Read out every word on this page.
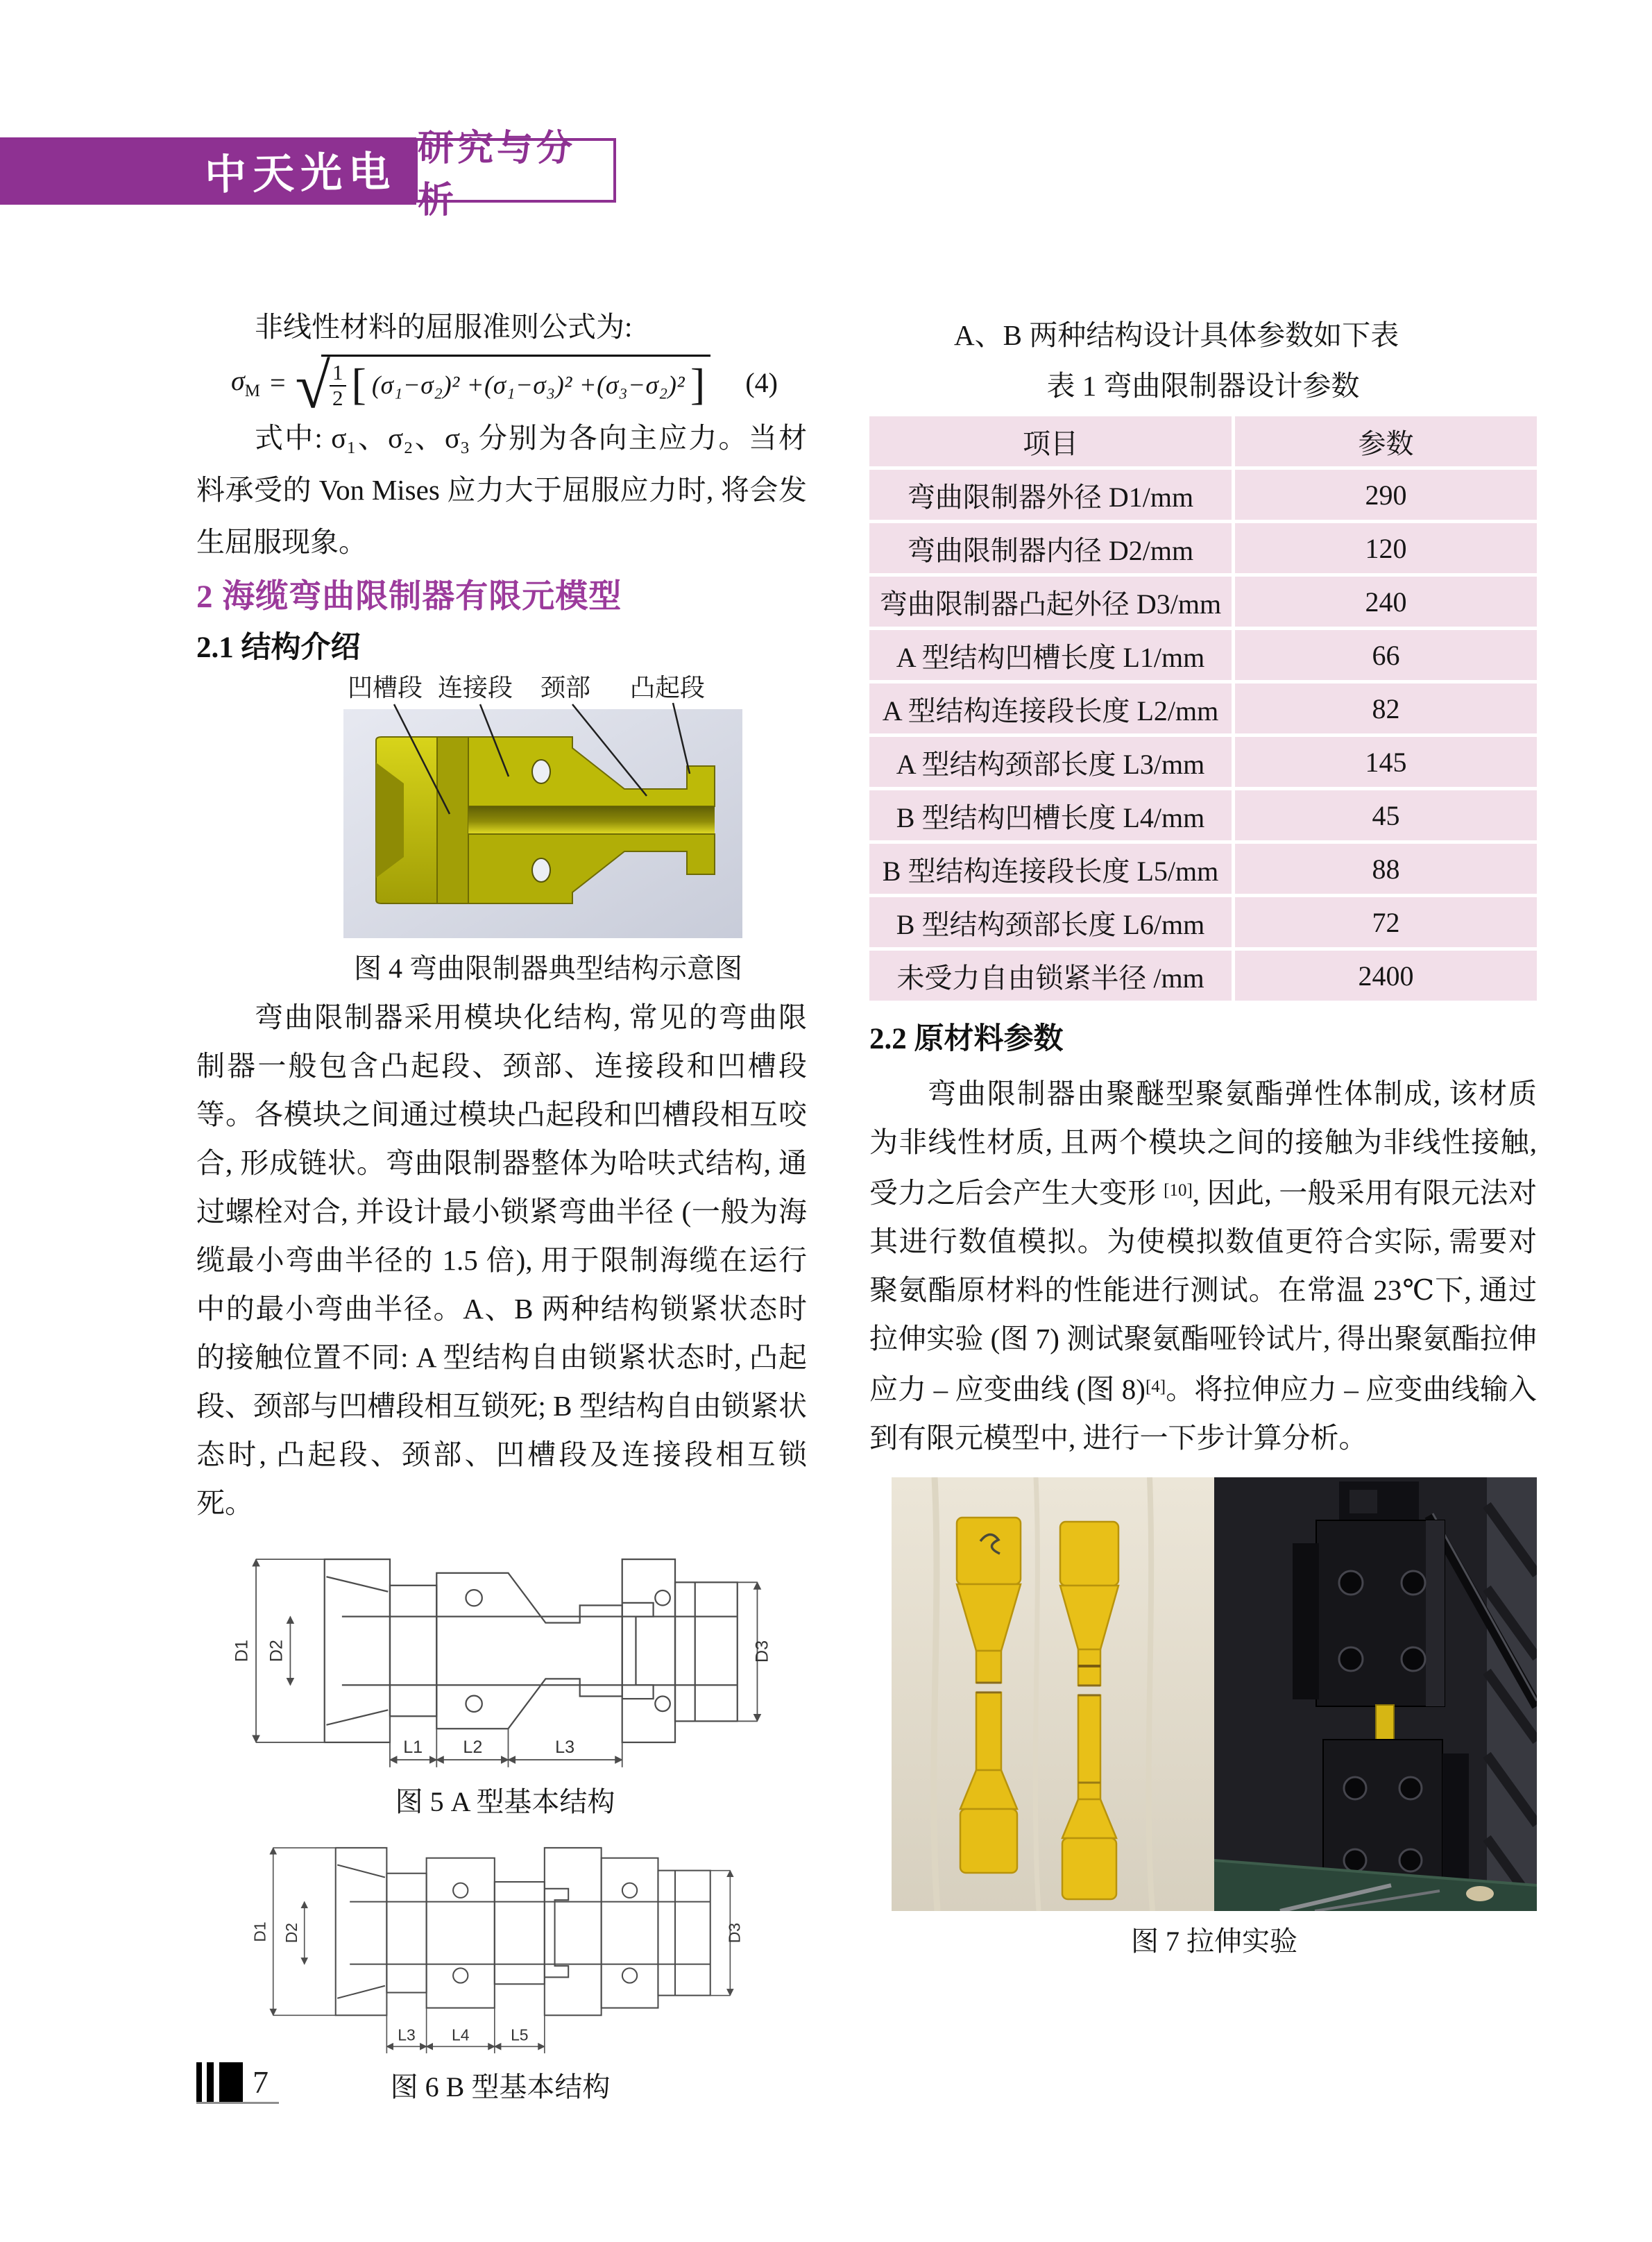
中天光电 研究与分析

非线性材料的屈服准则公式为:

$\sigma_M$ = √ $\frac{1}{2}$ [ (σ₁−σ₂)² +(σ₁−σ₃)² +(σ₃−σ₂)² ] (4)

式中: σ₁、σ₂、σ₃ 分别为各向主应力。当材料承受的 Von Mises 应力大于屈服应力时, 将会发生屈服现象。

2 海缆弯曲限制器有限元模型
2.1 结构介绍
凹槽段 连接段 颈部 凸起段
图 4 弯曲限制器典型结构示意图

弯曲限制器采用模块化结构, 常见的弯曲限制器一般包含凸起段、颈部、连接段和凹槽段等。各模块之间通过模块凸起段和凹槽段相互咬合, 形成链状。弯曲限制器整体为哈呋式结构, 通过螺栓对合, 并设计最小锁紧弯曲半径 (一般为海缆最小弯曲半径的 1.5 倍), 用于限制海缆在运行中的最小弯曲半径。A、B 两种结构锁紧状态时的接触位置不同: A 型结构自由锁紧状态时, 凸起段、颈部与凹槽段相互锁死; B 型结构自由锁紧状态时, 凸起段、颈部、凹槽段及连接段相互锁死。

D1 D2	D3
L1 L2	L3
图 5 A 型基本结构
D1 D2	D3
L3 L4 L5
图 6 B 型基本结构

A、B 两种结构设计具体参数如下表

表 1 弯曲限制器设计参数

项目	参数
弯曲限制器外径 D1/mm	290
弯曲限制器内径 D2/mm	120
弯曲限制器凸起外径 D3/mm	240
A 型结构凹槽长度 L1/mm	66
A 型结构连接段长度 L2/mm	82
A 型结构颈部长度 L3/mm	145
B 型结构凹槽长度 L4/mm	45
B 型结构连接段长度 L5/mm	88
B 型结构颈部长度 L6/mm	72
未受力自由锁紧半径 /mm	2400
2.2 原材料参数

弯曲限制器由聚醚型聚氨酯弹性体制成, 该材质为非线性材质, 且两个模块之间的接触为非线性接触, 受力之后会产生大变形 [10], 因此, 一般采用有限元法对其进行数值模拟。为使模拟数值更符合实际, 需要对聚氨酯原材料的性能进行测试。在常温 23℃下, 通过拉伸实验 (图 7) 测试聚氨酯哑铃试片, 得出聚氨酯拉伸应力 – 应变曲线 (图 8)[4]。将拉伸应力 – 应变曲线输入到有限元模型中, 进行一下步计算分析。

图 7 拉伸实验
7
